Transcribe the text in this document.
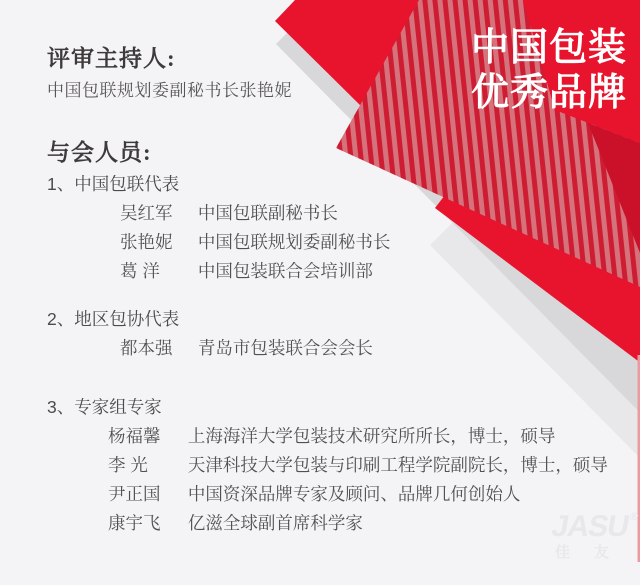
中国包装
优秀品牌
评审主持人:
中国包联规划委副秘书长张艳妮
与会人员:
1、中国包联代表
吴红军 中国包联副秘书长
张艳妮 中国包联规划委副秘书长
葛 洋 中国包装联合会培训部
2、地区包协代表
都本强 青岛市包装联合会会长
3、专家组专家
杨福馨 上海海洋大学包装技术研究所所长，博士，硕导
李 光 天津科技大学包装与印刷工程学院副院长，博士，硕导
尹正国 中国资深品牌专家及顾问、品牌几何创始人
康宇飞 亿滋全球副首席科学家	JASU®
佳友
